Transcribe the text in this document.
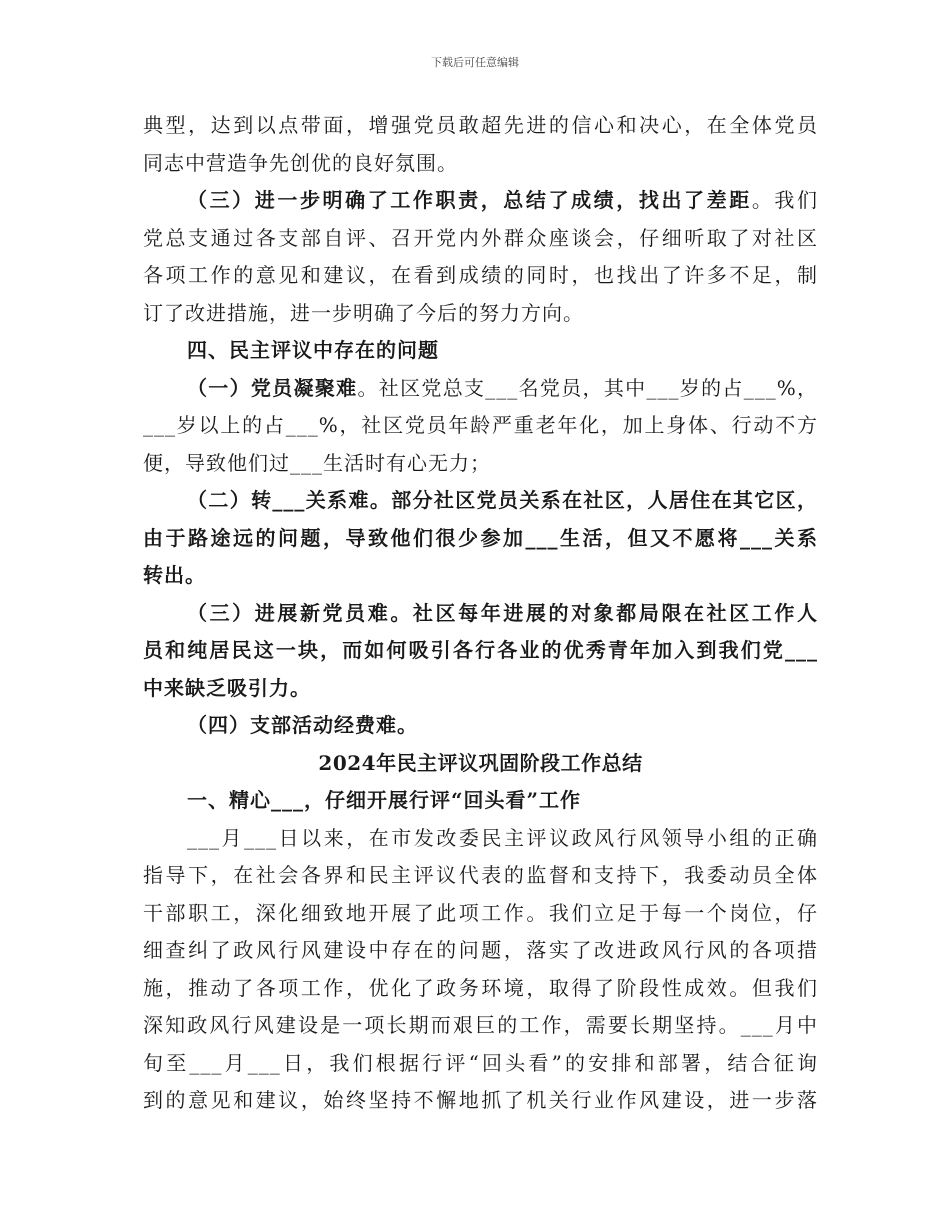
下载后可任意编辑
典型，达到以点带面，增强党员敢超先进的信心和决心，在全体党员
同志中营造争先创优的良好氛围。
（三）进一步明确了工作职责，总结了成绩，找出了差距。我们
党总支通过各支部自评、召开党内外群众座谈会，仔细听取了对社区
各项工作的意见和建议，在看到成绩的同时，也找出了许多不足，制
订了改进措施，进一步明确了今后的努力方向。
四、民主评议中存在的问题
（一）党员凝聚难。社区党总支___名党员，其中___岁的占___%，
___岁以上的占___%，社区党员年龄严重老年化，加上身体、行动不方
便，导致他们过___生活时有心无力；
（二）转___关系难。部分社区党员关系在社区，人居住在其它区，
由于路途远的问题，导致他们很少参加___生活，但又不愿将___关系
转出。
（三）进展新党员难。社区每年进展的对象都局限在社区工作人
员和纯居民这一块，而如何吸引各行各业的优秀青年加入到我们党___
中来缺乏吸引力。
（四）支部活动经费难。
2024年民主评议巩固阶段工作总结
一、精心___，仔细开展行评“回头看”工作
___月___日以来，在市发改委民主评议政风行风领导小组的正确
指导下，在社会各界和民主评议代表的监督和支持下，我委动员全体
干部职工，深化细致地开展了此项工作。我们立足于每一个岗位，仔
细查纠了政风行风建设中存在的问题，落实了改进政风行风的各项措
施，推动了各项工作，优化了政务环境，取得了阶段性成效。但我们
深知政风行风建设是一项长期而艰巨的工作，需要长期坚持。___月中
旬至___月___日，我们根据行评“回头看”的安排和部署，结合征询
到的意见和建议，始终坚持不懈地抓了机关行业作风建设，进一步落
